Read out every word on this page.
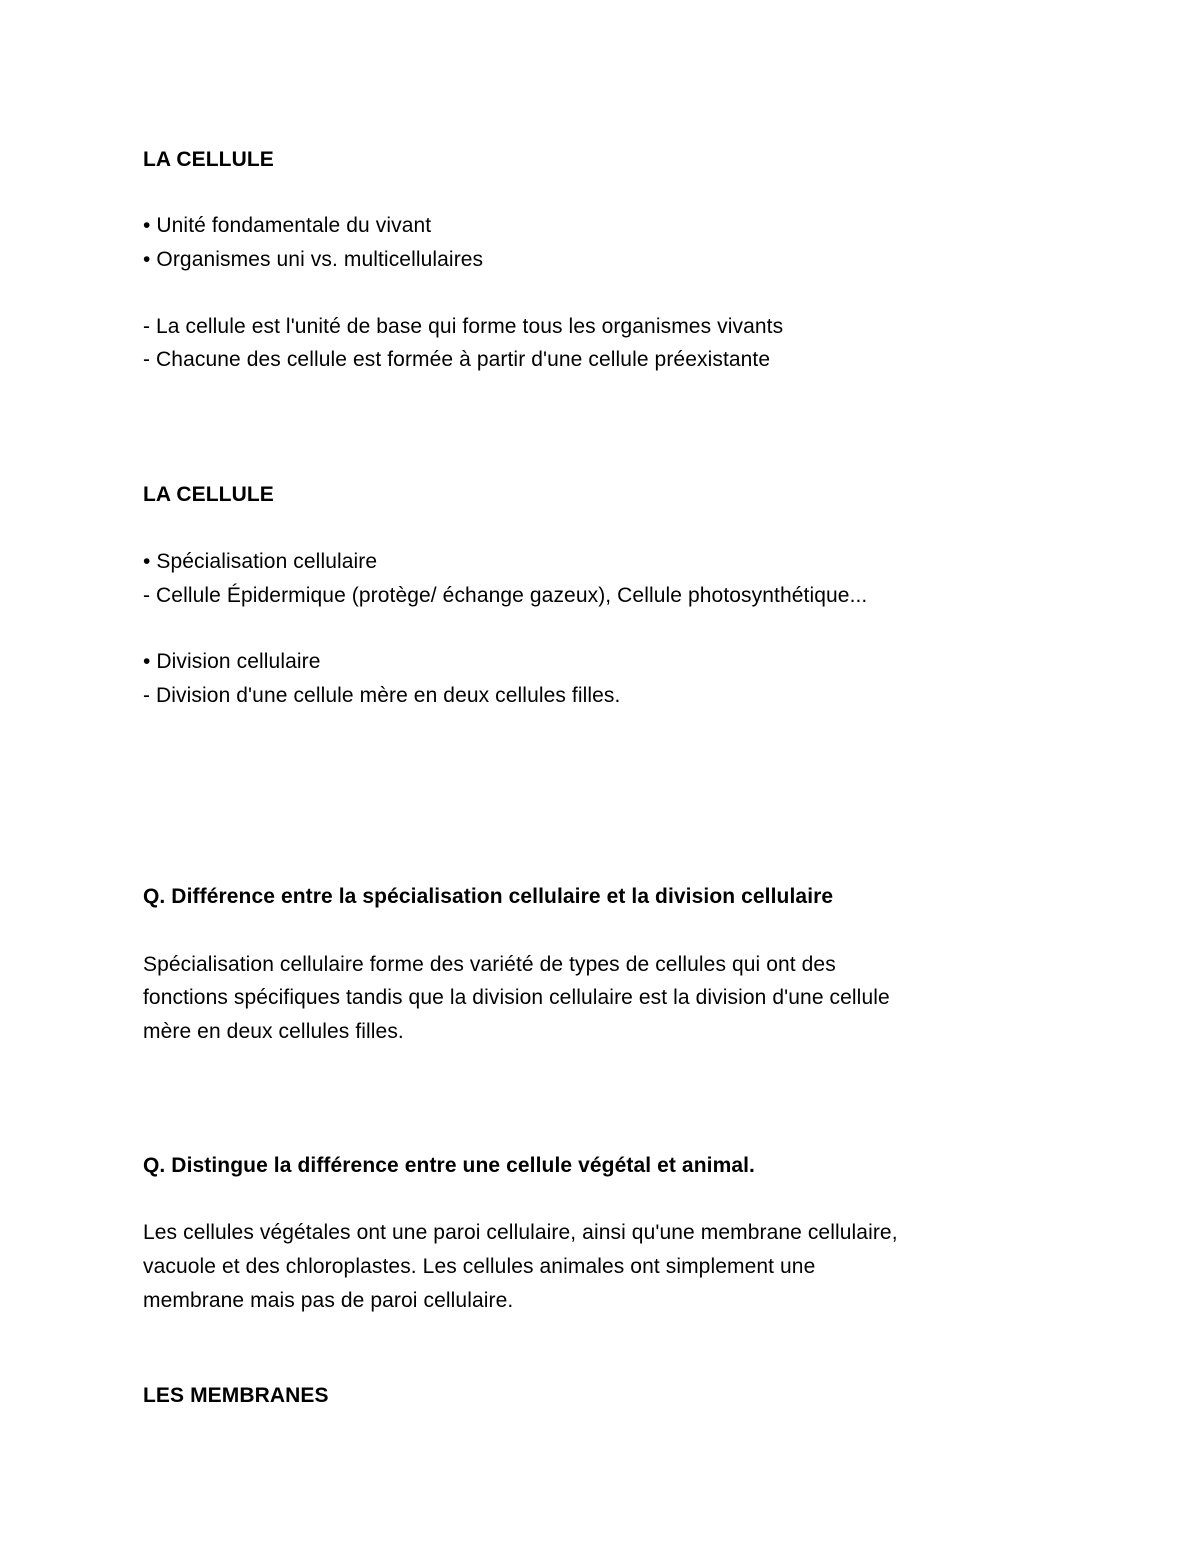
LA CELLULE
• Unité fondamentale du vivant
• Organismes uni vs. multicellulaires
- La cellule est l'unité de base qui forme tous les organismes vivants
- Chacune des cellule est formée à partir d'une cellule préexistante
LA CELLULE
• Spécialisation cellulaire
- Cellule Épidermique (protège/ échange gazeux), Cellule photosynthétique...
• Division cellulaire
- Division d'une cellule mère en deux cellules filles.
Q. Différence entre la spécialisation cellulaire et la division cellulaire
Spécialisation cellulaire forme des variété de types de cellules qui ont des
fonctions spécifiques tandis que la division cellulaire est la division d'une cellule
mère en deux cellules filles.
Q. Distingue la différence entre une cellule végétal et animal.
Les cellules végétales ont une paroi cellulaire, ainsi qu'une membrane cellulaire,
vacuole et des chloroplastes. Les cellules animales ont simplement une
membrane mais pas de paroi cellulaire.
LES MEMBRANES
